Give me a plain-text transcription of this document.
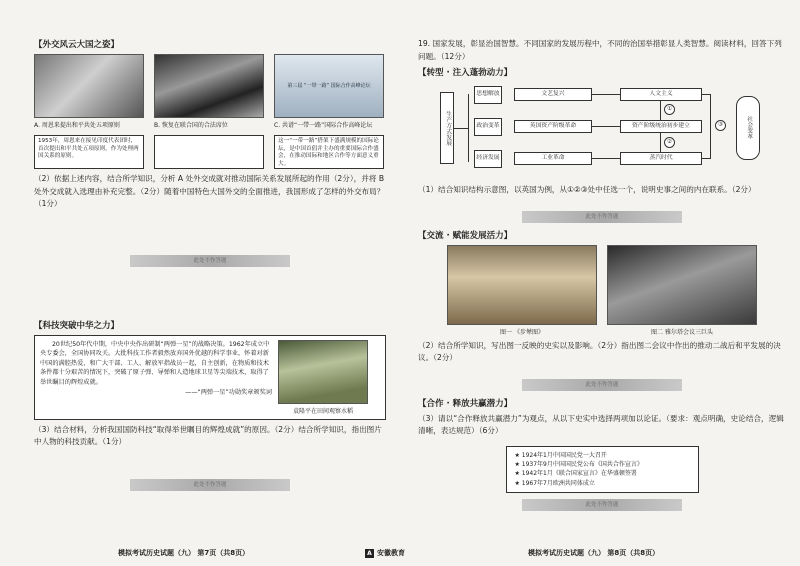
【外交风云大国之姿】
A. 周恩来提出和平共处五项原则	B. 恢复在联合国的合法席位
第三届 “一带一路” 国际合作高峰论坛
C. 共谱“一带一路”国际合作高峰论坛
1953年，周恩来在接见印度代表团时，首次提出和平共处五项原则，作为处理两国关系的原则。
这一“一带一路”搭架下盛满规模的国际论坛，是中国首倡并主办的重要国际合作盛会，在推动国际和地区合作等方面意义重大。
（2）依据上述内容，结合所学知识，分析 A 处外交成就对推动国际关系发展所起的作用（2分），并将 B 处外交成就入选理由补充完整。（2分）随着中国特色大国外交的全面推进，我国形成了怎样的外交布局？（1分）
此处不作答题
【科技突破中华之力】
20世纪50年代中期，中央中央作出研制“两弹一星”的战略决策。1962年成立中央专委会，全国协同攻关。大批科技工作者毅然放弃国外优越的科学事业，怀着对新中国的满腔热爱，和广大干部、工人、解放军指战员一起，自主创新，在物质和技术条件都十分艰苦的情况下，突破了原子弹、导弹和人造地球卫星等尖端技术，取得了举世瞩目的辉煌成就。
——“两弹一星”功勋奖章颁奖词
袁隆平在田间观察水稻
（3）结合材料，分析我国国防科技“取得举世瞩目的辉煌成就”的原因。（2分）结合所学知识，指出图片中人物的科技贡献。（1分）
此处不作答题
模拟考试历史试题（九） 第7页（共8页）	A 安徽教育
19. 国家发展，彰显治国智慧。不同国家的发展历程中，不同的治国举措彰显人类智慧。阅读材料，回答下列问题。（12分）
【转型 · 注入蓬勃动力】
生产方式发展
思想解放
政治变革
经济发展
文艺复兴
英国资产阶级革命
工业革命
人文主义
资产阶级统治初步建立
蒸汽时代
①
②
③	社会变革
（1）结合知识结构示意图，以英国为例，从①②③处中任选一个，说明史事之间的内在联系。（2分）
此处不作答题
【交流 · 赋能发展活力】
图一 《步辇图》	图二 雅尔塔会议三巨头
（2）结合所学知识，写出图一反映的史实以及影响。（2分）指出图二会议中作出的推动二战后和平发展的决议。（2分）
此处不作答题
【合作 · 释放共赢潜力】
（3）请以“合作释放共赢潜力”为观点，从以下史实中选择两项加以论证。（要求：观点明确，史论结合，逻辑清晰，表达规范）（6分）
★ 1924年1月中国国民党一大召开
★ 1937年9月中国国民党公布《国共合作宣言》
★ 1942年1月《联合国家宣言》在华盛顿签署
★ 1967年7月欧洲共同体成立
此处不作答题
模拟考试历史试题（九） 第8页（共8页）
